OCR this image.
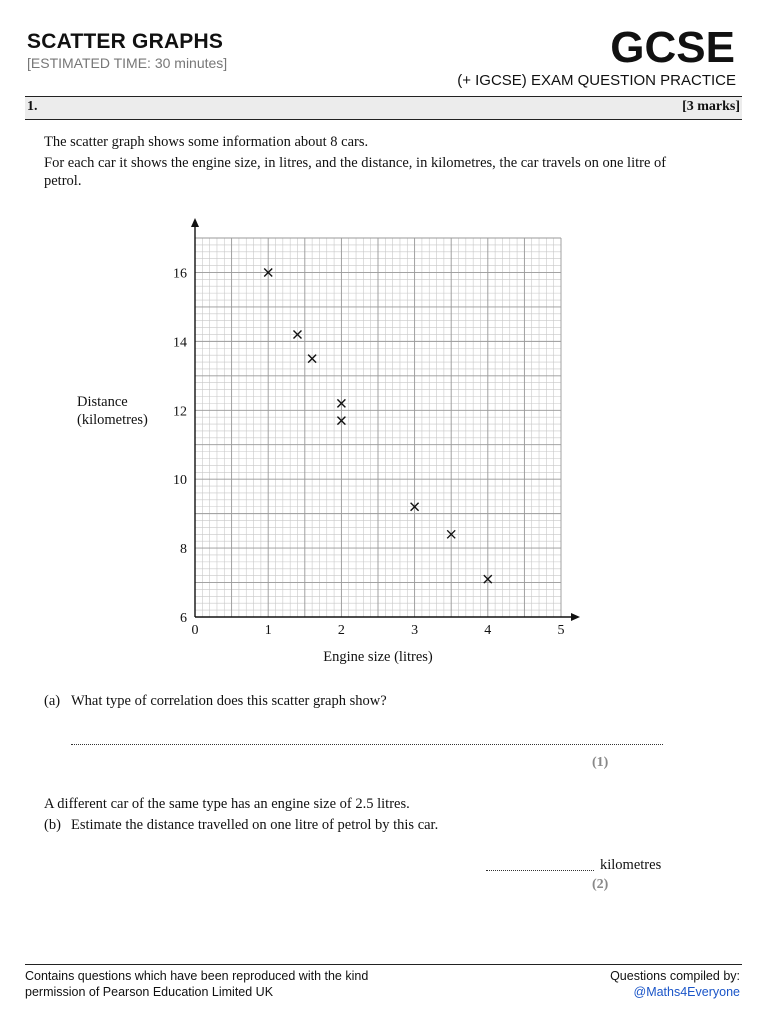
SCATTER GRAPHS
[ESTIMATED TIME: 30 minutes]	GCSE
(+ IGCSE) EXAM QUESTION PRACTICE
1.	[3 marks]
The scatter graph shows some information about 8 cars.
For each car it shows the engine size, in litres, and the distance, in kilometres, the car travels on one litre of petrol.
0	1	2	3	4	5
6
8
10
12
14
16
Engine size (litres)
Distance
(kilometres)
(a) What type of correlation does this scatter graph show?
(1)
A different car of the same type has an engine size of 2.5 litres.
(b) Estimate the distance travelled on one litre of petrol by this car.
kilometres
(2)
Contains questions which have been reproduced with the kind
permission of Pearson Education Limited UK
Questions compiled by:
@Maths4Everyone
